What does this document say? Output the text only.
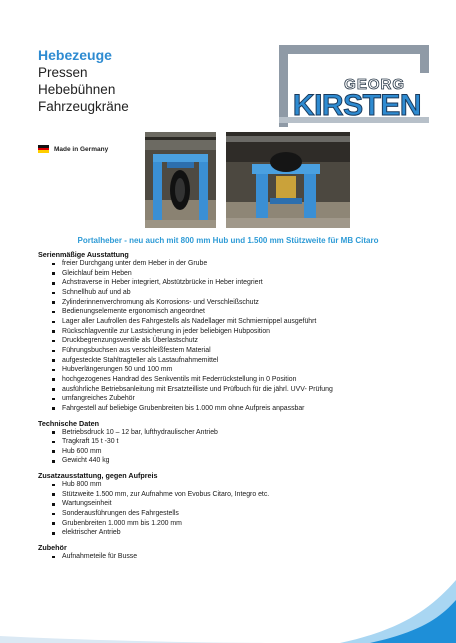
Hebezeuge
Pressen
Hebebühnen
Fahrzeugkräne
GEORG
KIRSTEN
Made in Germany
Portalheber - neu auch mit 800 mm Hub und 1.500 mm Stützweite für MB Citaro
Serienmäßige Ausstattung
freier Durchgang unter dem Heber in der Grube
Gleichlauf beim Heben
Achstraverse in Heber integriert, Abstützbrücke in Heber integriert
Schnellhub auf und ab
Zylinderinnenverchromung als Korrosions- und Verschleißschutz
Bedienungselemente ergonomisch angeordnet
Lager aller Laufrollen des Fahrgestells als Nadellager mit Schmiernippel ausgeführt
Rückschlagventile zur Lastsicherung in jeder beliebigen Hubposition
Druckbegrenzungsventile als Überlastschutz
Führungsbuchsen aus verschleißfestem Material
aufgesteckte Stahltragteller als Lastaufnahmemittel
Hubverlängerungen 50 und 100 mm
hochgezogenes Handrad des Senkventils mit Federrückstellung in 0 Position
ausführliche Betriebsanleitung mit Ersatzteilliste und Prüfbuch für die jährl. UVV- Prüfung
umfangreiches Zubehör
Fahrgestell auf beliebige Grubenbreiten bis 1.000 mm ohne Aufpreis anpassbar
Technische Daten
Betriebsdruck 10 – 12 bar, lufthydraulischer Antrieb
Tragkraft 15 t -30 t
Hub 600 mm
Gewicht 440 kg
Zusatzausstattung, gegen Aufpreis
Hub 800 mm
Stützweite 1.500 mm, zur Aufnahme von Evobus Citaro, Integro etc.
Wartungseinheit
Sonderausführungen des Fahrgestells
Grubenbreiten 1.000 mm bis 1.200 mm
elektrischer Antrieb
Zubehör
Aufnahmeteile für Busse
